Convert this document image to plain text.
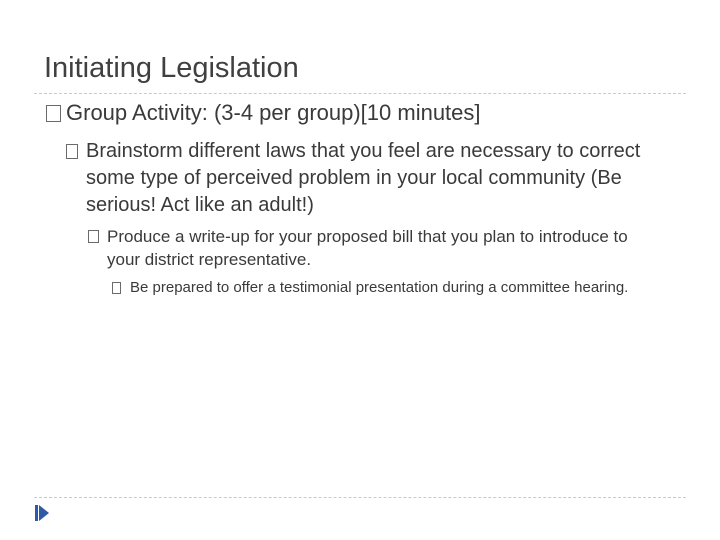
Initiating Legislation
Group Activity: (3-4 per group)[10 minutes]
Brainstorm different laws that you feel are necessary to correct some type of perceived problem in your local community (Be serious! Act like an adult!)
Produce a write-up for your proposed bill that you plan to introduce to your district representative.
Be prepared to offer a testimonial presentation during a committee hearing.
